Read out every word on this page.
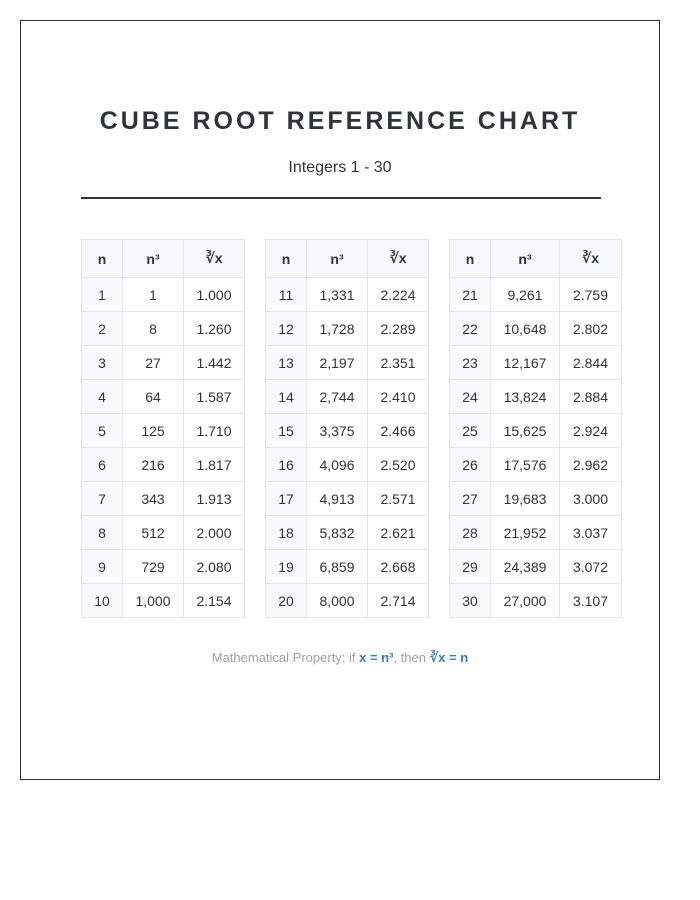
CUBE ROOT REFERENCE CHART
Integers 1 - 30
n	n³	∛x
1	1	1.000
2	8	1.260
3	27	1.442
4	64	1.587
5	125	1.710
6	216	1.817
7	343	1.913
8	512	2.000
9	729	2.080
10	1,000	2.154
n	n³	∛x
11	1,331	2.224
12	1,728	2.289
13	2,197	2.351
14	2,744	2.410
15	3,375	2.466
16	4,096	2.520
17	4,913	2.571
18	5,832	2.621
19	6,859	2.668
20	8,000	2.714
n	n³	∛x
21	9,261	2.759
22	10,648	2.802
23	12,167	2.844
24	13,824	2.884
25	15,625	2.924
26	17,576	2.962
27	19,683	3.000
28	21,952	3.037
29	24,389	3.072
30	27,000	3.107
Mathematical Property: if x = n³, then ∛x = n
